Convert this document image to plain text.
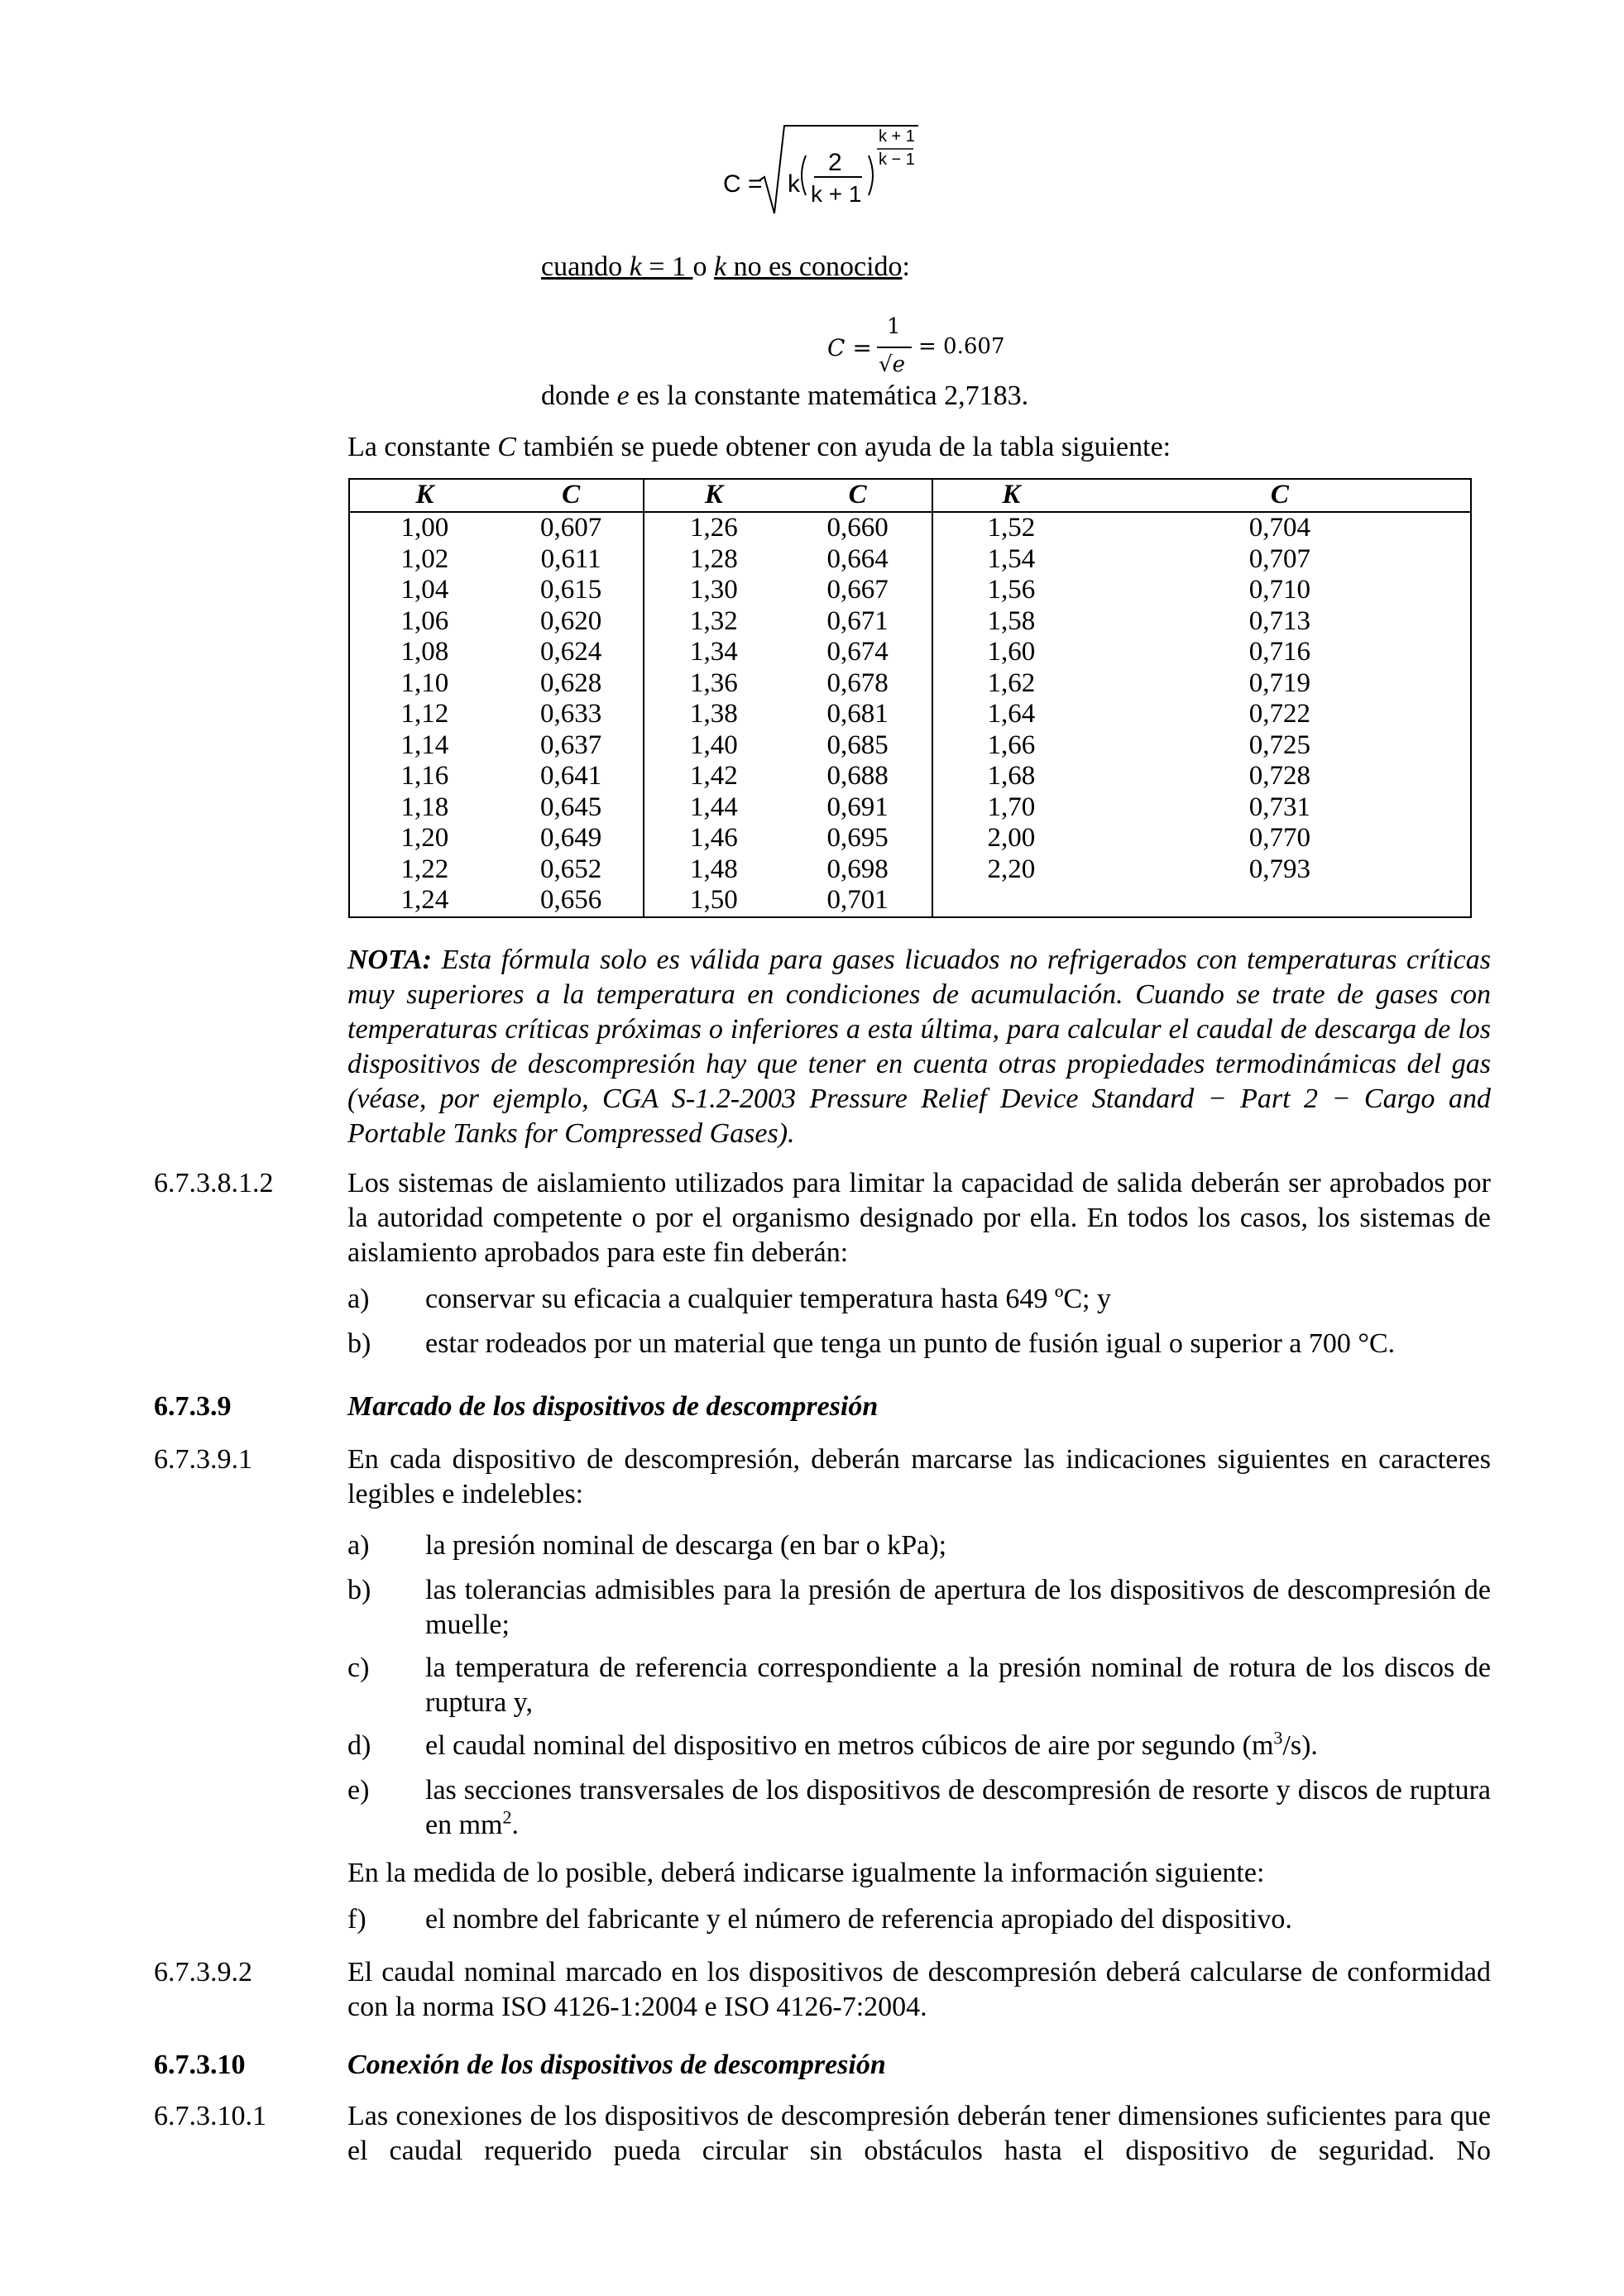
C = k
2
k + 1
k + 1
k − 1
cuando k = 1 o k no es conocido:
C =
1
√e
= 0.607
donde e es la constante matemática 2,7183.
La constante C también se puede obtener con ayuda de la tabla siguiente:
K	C	K	C	K	C
1,00	0,607	1,26	0,660	1,52	0,704
1,02	0,611	1,28	0,664	1,54	0,707
1,04	0,615	1,30	0,667	1,56	0,710
1,06	0,620	1,32	0,671	1,58	0,713
1,08	0,624	1,34	0,674	1,60	0,716
1,10	0,628	1,36	0,678	1,62	0,719
1,12	0,633	1,38	0,681	1,64	0,722
1,14	0,637	1,40	0,685	1,66	0,725
1,16	0,641	1,42	0,688	1,68	0,728
1,18	0,645	1,44	0,691	1,70	0,731
1,20	0,649	1,46	0,695	2,00	0,770
1,22	0,652	1,48	0,698	2,20	0,793
1,24	0,656	1,50	0,701		
NOTA: Esta fórmula solo es válida para gases licuados no refrigerados con temperaturas críticas muy superiores a la temperatura en condiciones de acumulación. Cuando se trate de gases con temperaturas críticas próximas o inferiores a esta última, para calcular el caudal de descarga de los dispositivos de descompresión hay que tener en cuenta otras propiedades termodinámicas del gas (véase, por ejemplo, CGA S-1.2-2003 Pressure Relief Device Standard − Part 2 − Cargo and Portable Tanks for Compressed Gases).
6.7.3.8.1.2	Los sistemas de aislamiento utilizados para limitar la capacidad de salida deberán ser aprobados por la autoridad competente o por el organismo designado por ella. En todos los casos, los sistemas de aislamiento aprobados para este fin deberán:
a) conservar su eficacia a cualquier temperatura hasta 649 ºC; y
b) estar rodeados por un material que tenga un punto de fusión igual o superior a 700 °C.
6.7.3.9	Marcado de los dispositivos de descompresión
6.7.3.9.1	En cada dispositivo de descompresión, deberán marcarse las indicaciones siguientes en caracteres legibles e indelebles:
a) la presión nominal de descarga (en bar o kPa);
b) las tolerancias admisibles para la presión de apertura de los dispositivos de descompresión de muelle;
c) la temperatura de referencia correspondiente a la presión nominal de rotura de los discos de ruptura y,
d) el caudal nominal del dispositivo en metros cúbicos de aire por segundo $(m^3/s)$.
e) las secciones transversales de los dispositivos de descompresión de resorte y discos de ruptura en $mm^2$.
En la medida de lo posible, deberá indicarse igualmente la información siguiente:
f) el nombre del fabricante y el número de referencia apropiado del dispositivo.
6.7.3.9.2	El caudal nominal marcado en los dispositivos de descompresión deberá calcularse de conformidad con la norma ISO 4126-1:2004 e ISO 4126-7:2004.
6.7.3.10	Conexión de los dispositivos de descompresión
6.7.3.10.1	Las conexiones de los dispositivos de descompresión deberán tener dimensiones suficientes para que el caudal requerido pueda circular sin obstáculos hasta el dispositivo de seguridad. No
